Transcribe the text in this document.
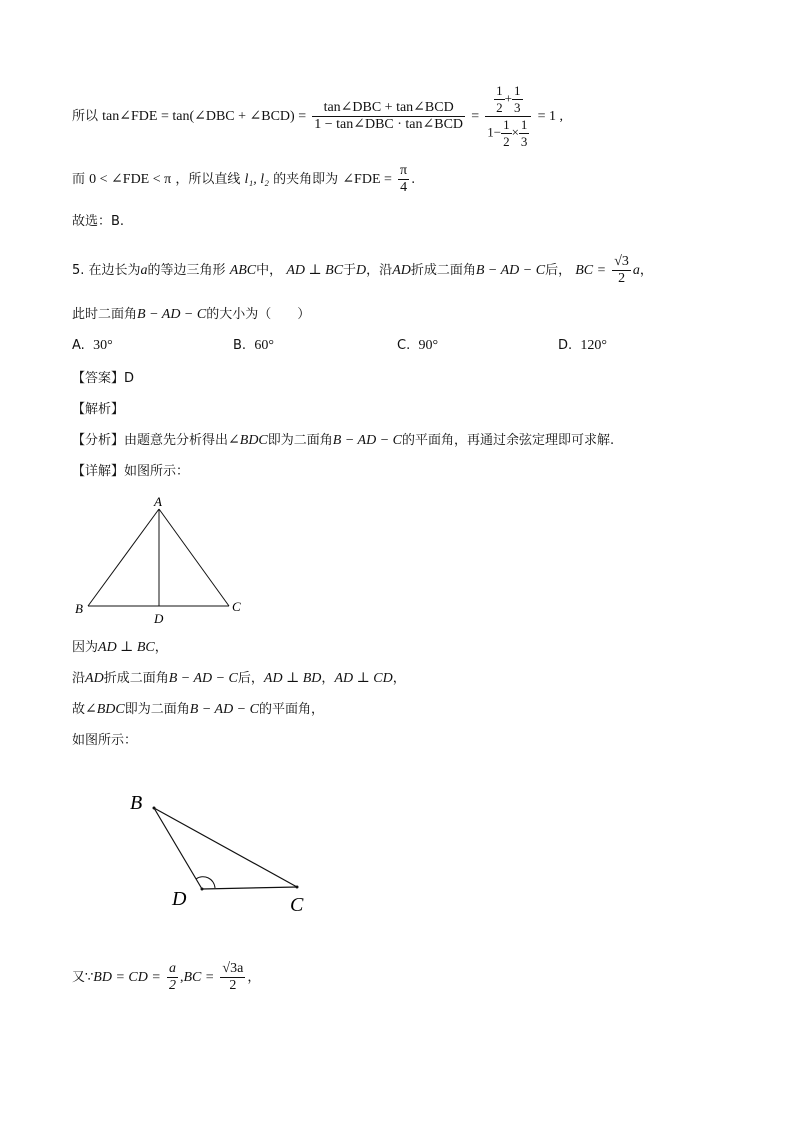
所以 tan∠FDE = tan(∠DBC + ∠BCD) = $\frac{\text{tan∠DBC + tan∠BCD}}{\text{1 − tan∠DBC · tan∠BCD}} = \frac{\frac{1}{2} + \frac{1}{3}}{1- \frac{1}{2} \times \frac{1}{3}} = 1$ ,
而 0 < ∠FDE < π ，所以直线 l₁, l₂ 的夹角即为 ∠FDE = $\frac{\pi}{4}$ .
故选：B.
5. 在边长为a的等边三角形 ABC中， AD ⊥ BC于D，沿AD折成二面角B − AD − C后， BC = $\frac{√3}{2}$ a，
此时二面角B − AD − C的大小为（　　）
A. 30°	B. 60°	C. 90°	D. 120°
【答案】D
【解析】
【分析】由题意先分析得出∠BDC即为二面角B − AD − C的平面角，再通过余弦定理即可求解.
【详解】如图所示：
A
B	C
D
因为AD ⊥ BC，
沿AD折成二面角B − AD − C后，AD ⊥ BD，AD ⊥ CD，
故∠BDC即为二面角B − AD − C的平面角，
如图所示：
B
D	C
又∵BD = CD = $\frac{a}{2} ,BC = \frac{√3a}{2}$ ，
